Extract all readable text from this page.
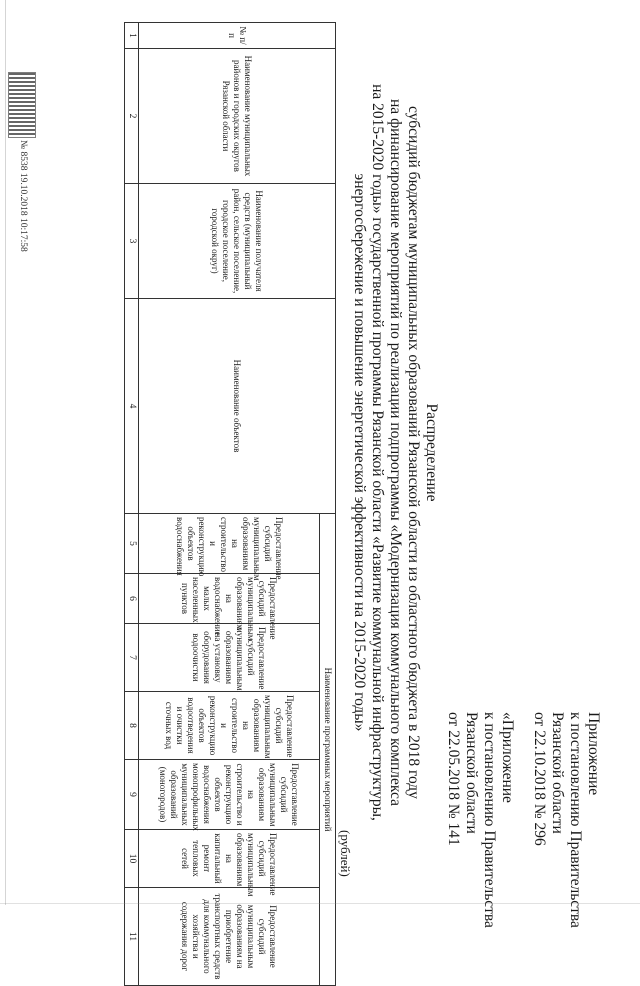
Приложение
к постановлению Правительства
Рязанской области
от 22.10.2018 № 296
«Приложение
к постановлению Правительства
Рязанской области
от 22.05.2018 № 141
Распределение
субсидий бюджетам муниципальных образований Рязанской области из областного бюджета в 2018 году
на финансирование мероприятий по реализации подпрограммы «Модернизация коммунального комплекса
на 2015-2020 годы» государственной программы Рязанской области «Развитие коммунальной инфраструктуры,
энергосбережение и повышение энергетической эффективности на 2015-2020 годы»
(рублей)
№ п/п	Наименование муниципальных районов и городских округов Рязанской области	Наименование получателя средств (муниципальный район, сельское поселение, городское поселение, городской округ)	Наименование объектов	Наименование программных мероприятий						
				Предоставление субсидий муниципальным образованиям на строительство и реконструкцию объектов водоснабжения	Предоставление субсидий муниципальным образованиям на водоснабжение малых населенных пунктов	Предоставление субсидий муниципальным образованиям на установку оборудования водоочистки	Предоставление субсидий муниципальным образованиям на строительство и реконструкцию объектов водоотведения и очистки сточных вод	Предоставление субсидий муниципальным образованиям на строительство и реконструкцию объектов водоснабжения монопрофильных муниципальных образований (моногородов)	Предоставление субсидий муниципальным образованиям на капитальный ремонт тепловых сетей	Предоставление субсидий муниципальным образованиям на приобретение транспортных средств для коммунального хозяйства и содержания дорог
1	2	3	4	5	6	7	8	9	10	11
№ 8538 19.10.2018 10:17:58
